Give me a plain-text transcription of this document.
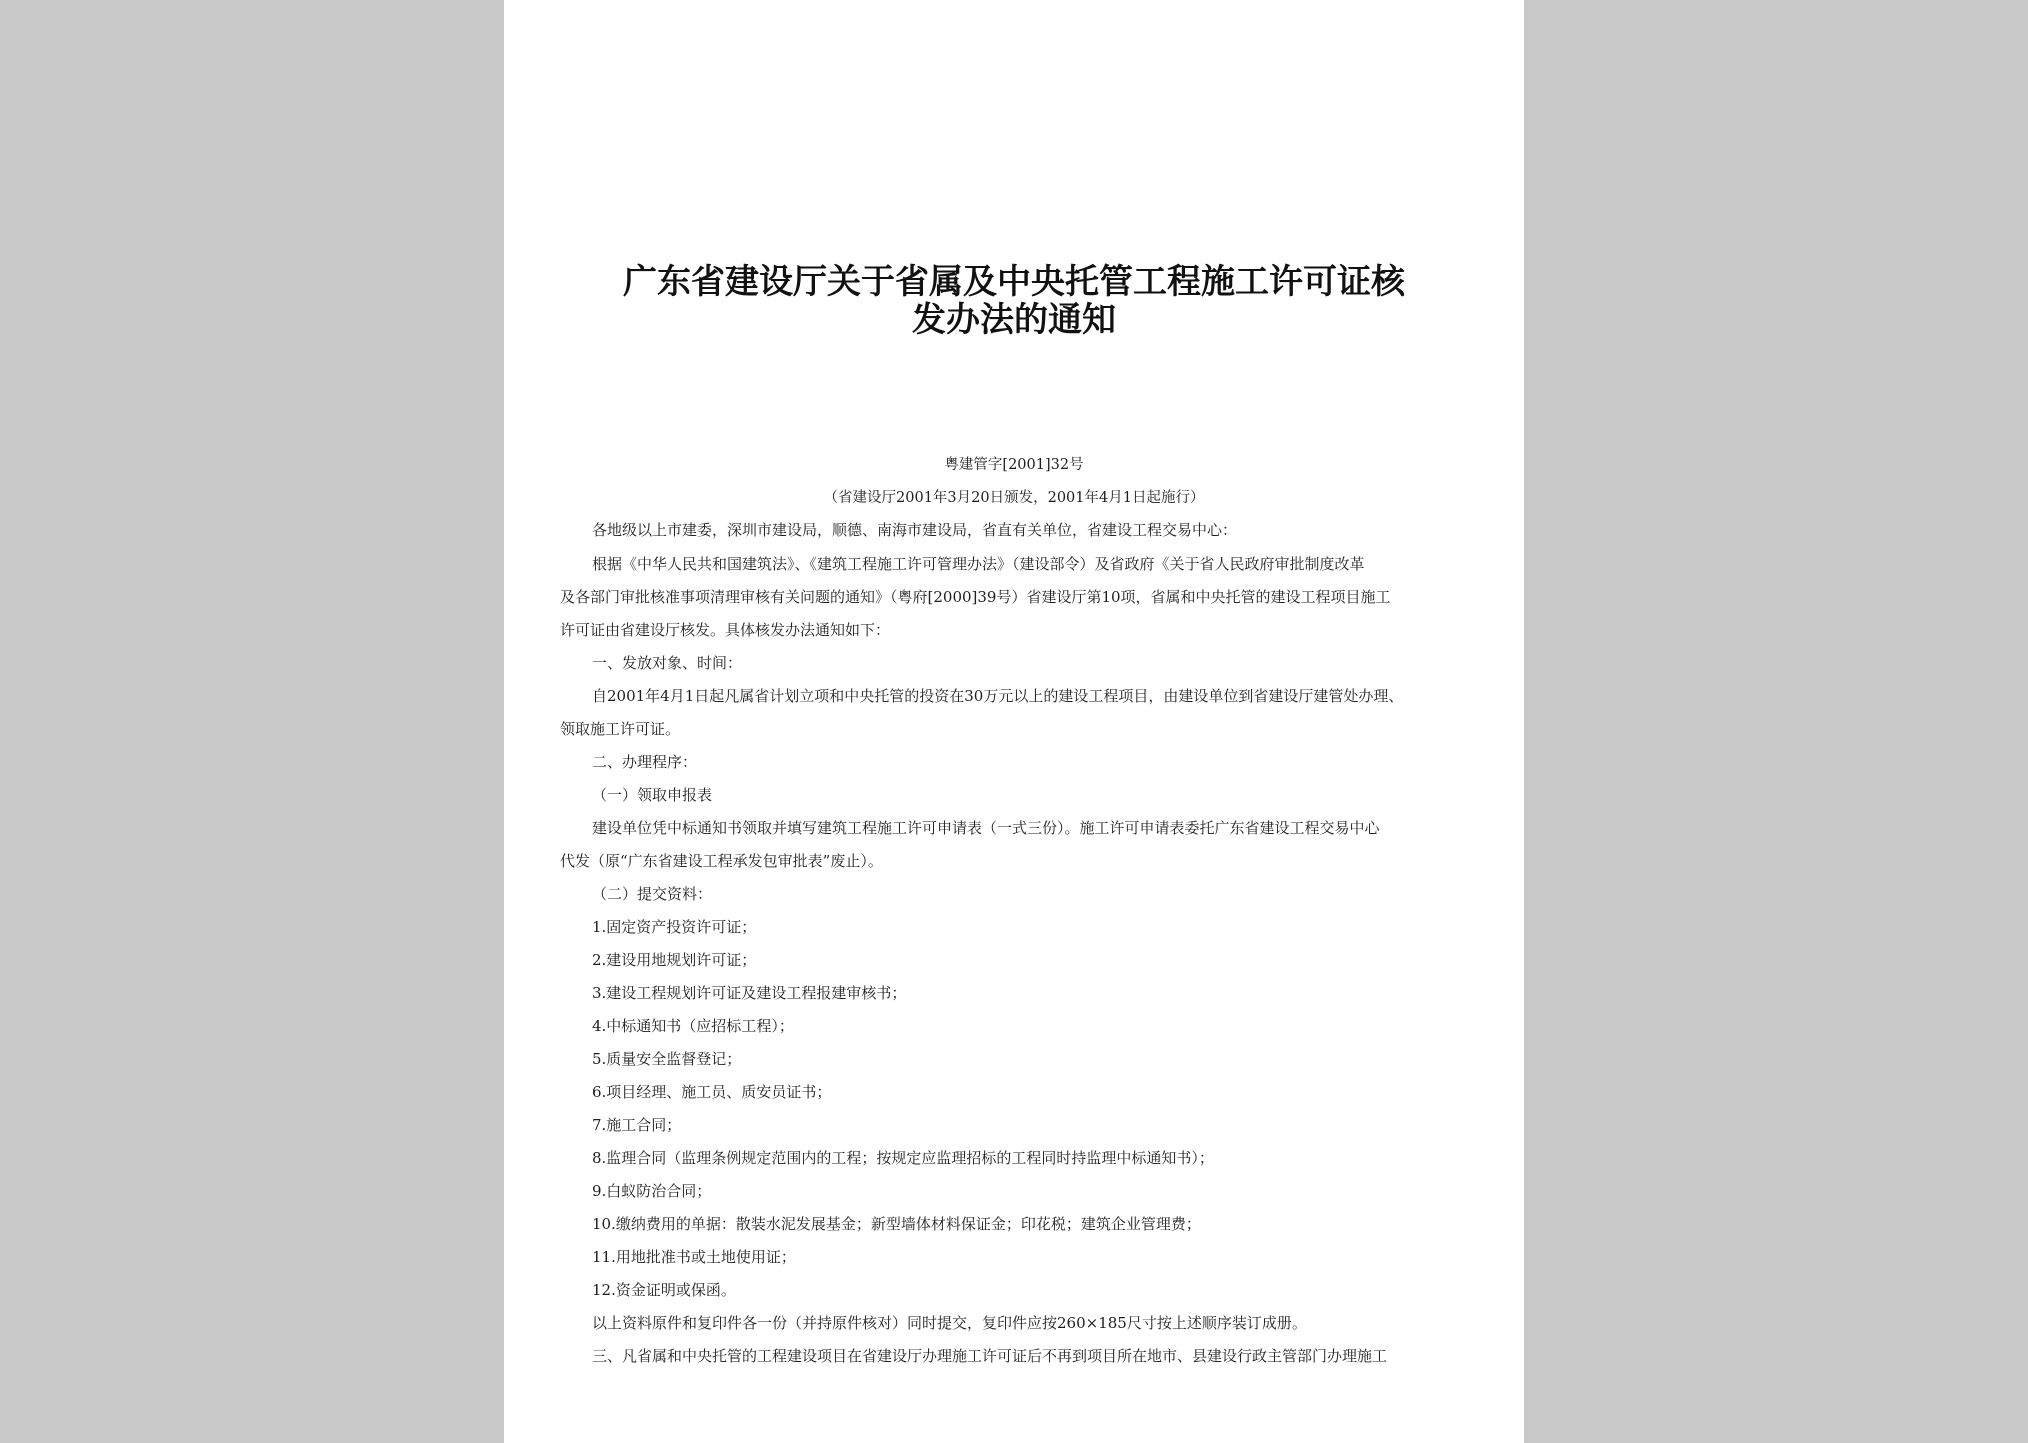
广东省建设厅关于省属及中央托管工程施工许可证核
发办法的通知

粤建管字[2001]32号

（省建设厅2001年3月20日颁发，2001年4月1日起施行）

各地级以上市建委，深圳市建设局，顺德、南海市建设局，省直有关单位，省建设工程交易中心：

根据《中华人民共和国建筑法》、《建筑工程施工许可管理办法》（建设部令）及省政府《关于省人民政府审批制度改革

及各部门审批核准事项清理审核有关问题的通知》（粤府[2000]39号）省建设厅第10项，省属和中央托管的建设工程项目施工

许可证由省建设厅核发。具体核发办法通知如下：

一、发放对象、时间：

自2001年4月1日起凡属省计划立项和中央托管的投资在30万元以上的建设工程项目，由建设单位到省建设厅建管处办理、

领取施工许可证。

二、办理程序：

（一）领取申报表

建设单位凭中标通知书领取并填写建筑工程施工许可申请表（一式三份）。施工许可申请表委托广东省建设工程交易中心

代发（原“广东省建设工程承发包审批表”废止）。

（二）提交资料：

1.固定资产投资许可证；

2.建设用地规划许可证；

3.建设工程规划许可证及建设工程报建审核书；

4.中标通知书（应招标工程）；

5.质量安全监督登记；

6.项目经理、施工员、质安员证书；

7.施工合同；

8.监理合同（监理条例规定范围内的工程；按规定应监理招标的工程同时持监理中标通知书）；

9.白蚁防治合同；

10.缴纳费用的单据：散装水泥发展基金；新型墙体材料保证金；印花税；建筑企业管理费；

11.用地批准书或土地使用证；

12.资金证明或保函。

以上资料原件和复印件各一份（并持原件核对）同时提交，复印件应按260×185尺寸按上述顺序装订成册。

三、凡省属和中央托管的工程建设项目在省建设厅办理施工许可证后不再到项目所在地市、县建设行政主管部门办理施工
